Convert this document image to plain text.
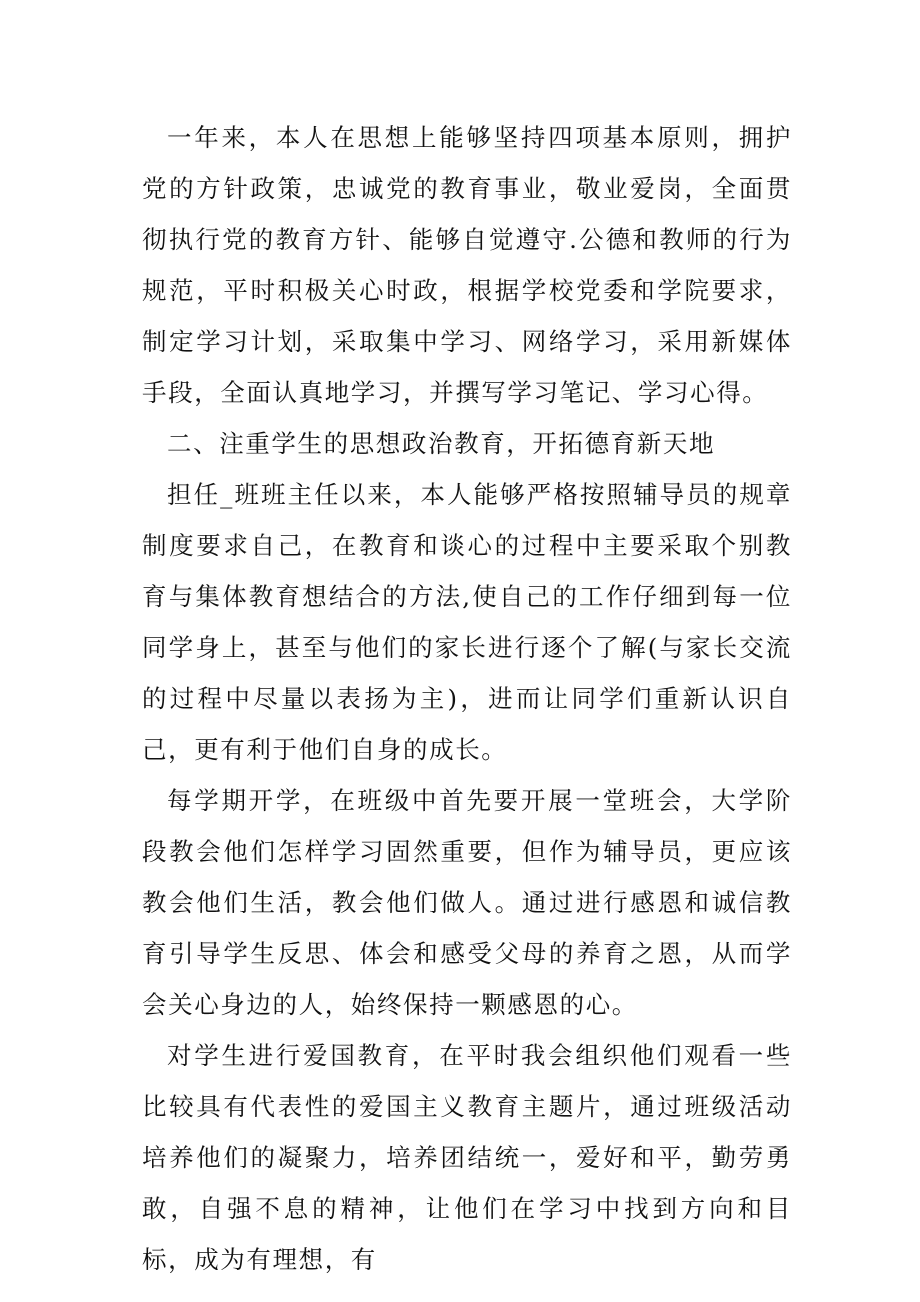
一年来，本人在思想上能够坚持四项基本原则，拥护党的方针政策，忠诚党的教育事业，敬业爱岗，全面贯彻执行党的教育方针、能够自觉遵守.公德和教师的行为规范，平时积极关心时政，根据学校党委和学院要求，制定学习计划，采取集中学习、网络学习，采用新媒体手段，全面认真地学习，并撰写学习笔记、学习心得。

二、注重学生的思想政治教育，开拓德育新天地

担任_班班主任以来，本人能够严格按照辅导员的规章制度要求自己，在教育和谈心的过程中主要采取个别教育与集体教育想结合的方法,使自己的工作仔细到每一位同学身上，甚至与他们的家长进行逐个了解(与家长交流的过程中尽量以表扬为主)，进而让同学们重新认识自己，更有利于他们自身的成长。

每学期开学，在班级中首先要开展一堂班会，大学阶段教会他们怎样学习固然重要，但作为辅导员，更应该教会他们生活，教会他们做人。通过进行感恩和诚信教育引导学生反思、体会和感受父母的养育之恩，从而学会关心身边的人，始终保持一颗感恩的心。

对学生进行爱国教育，在平时我会组织他们观看一些比较具有代表性的爱国主义教育主题片，通过班级活动培养他们的凝聚力，培养团结统一，爱好和平，勤劳勇敢，自强不息的精神，让他们在学习中找到方向和目标，成为有理想，有
